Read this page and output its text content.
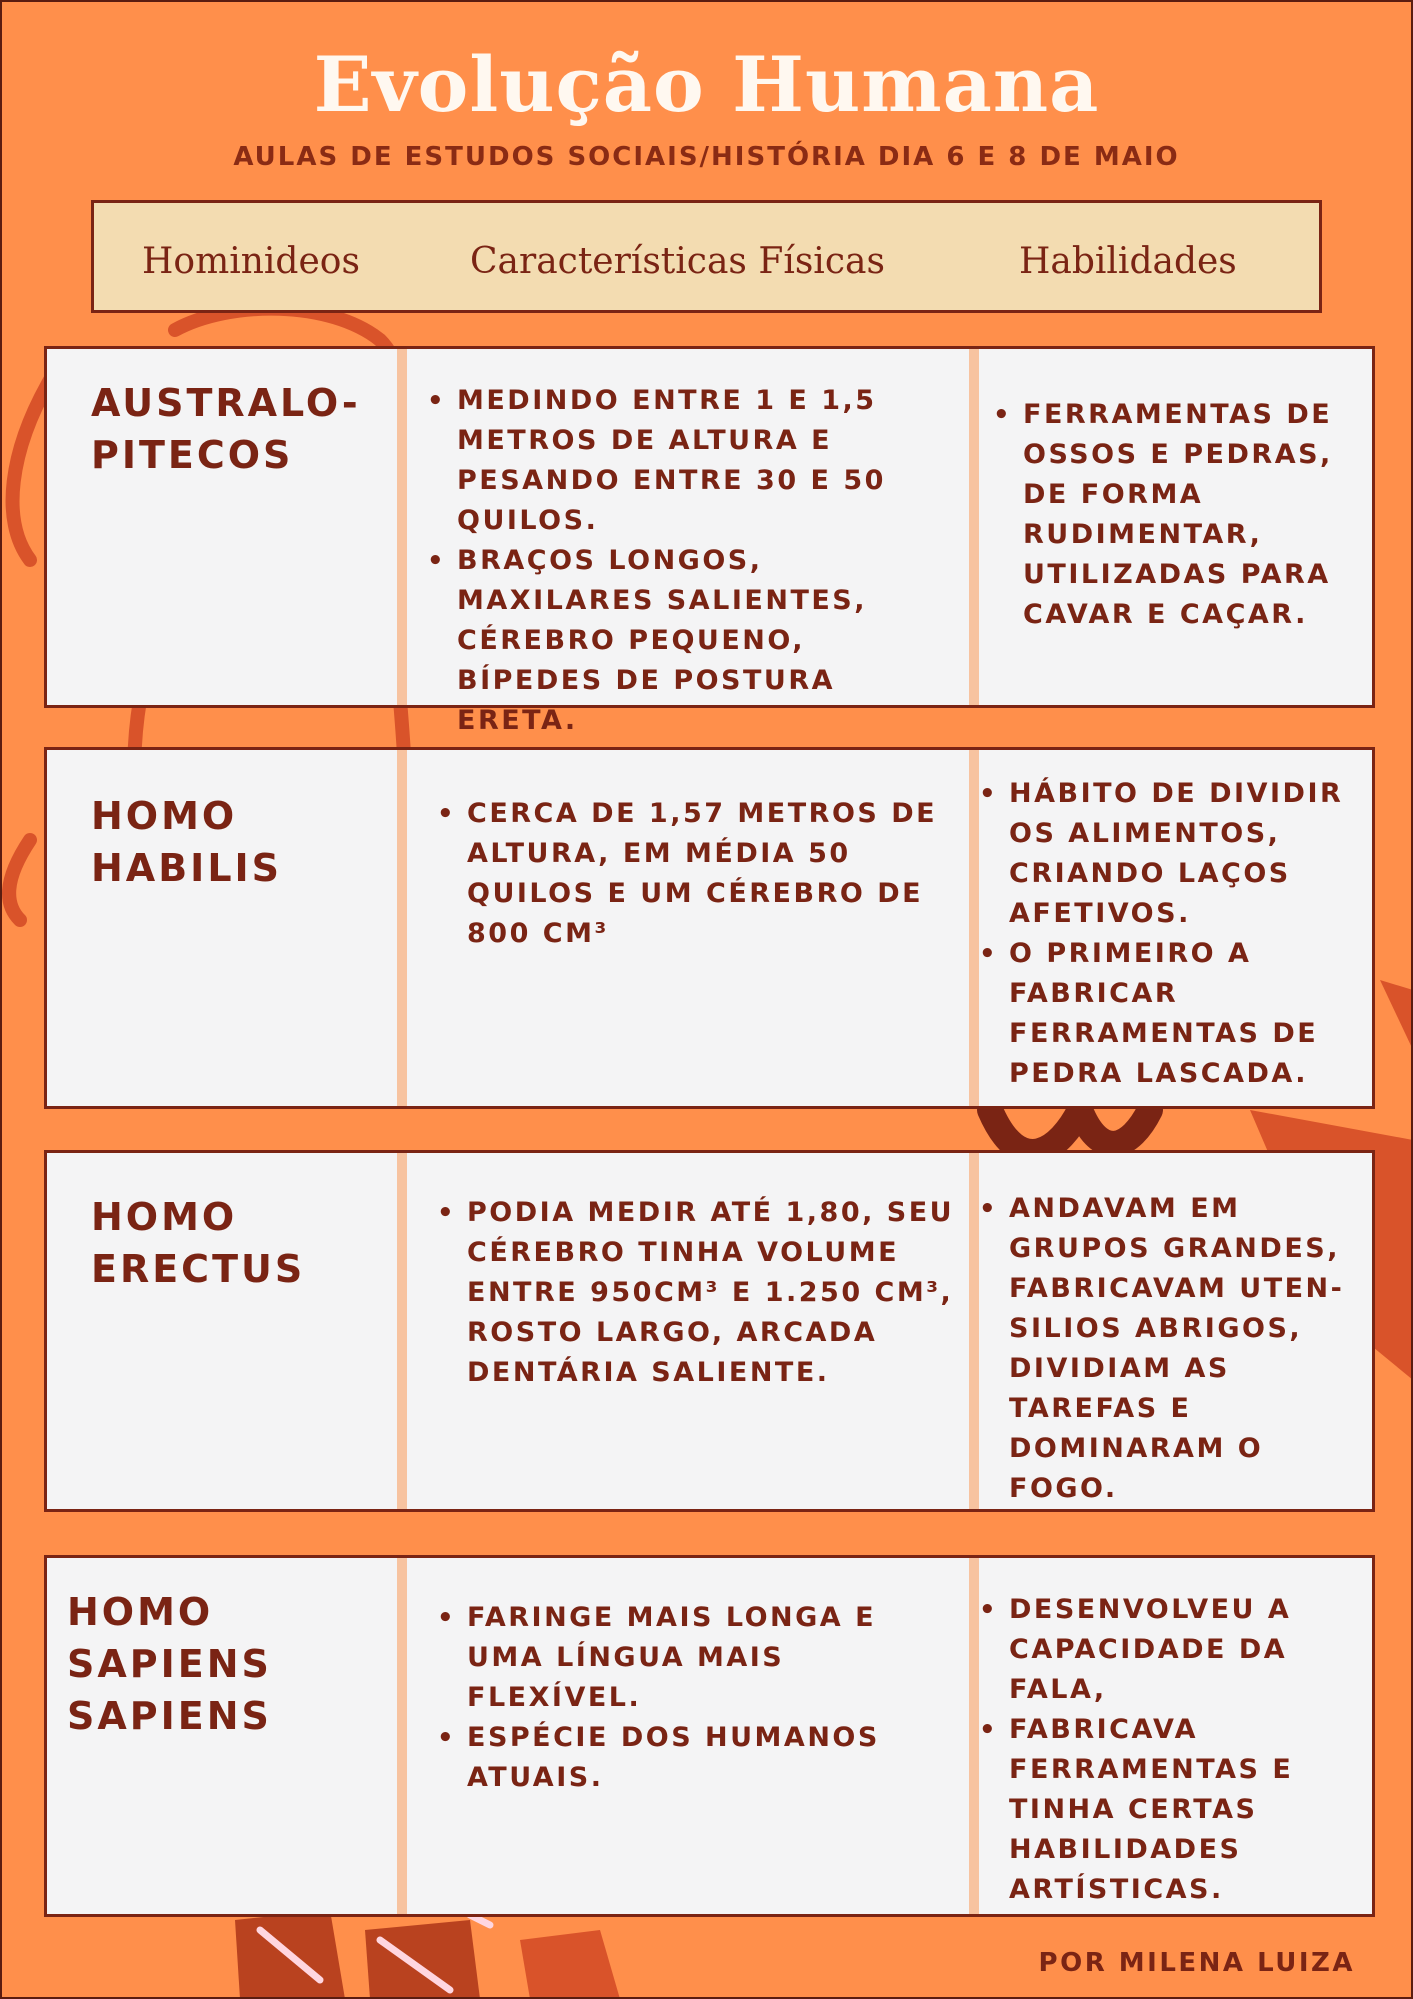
Evolução Humana
AULAS DE ESTUDOS SOCIAIS/HISTÓRIA DIA 6 E 8 DE MAIO
Hominideos	Características Físicas	Habilidades
AUSTRALO-
PITECOS
• MEDINDO ENTRE 1 E 1,5 METROS DE ALTURA E PESANDO ENTRE 30 E 50 QUILOS.
• BRAÇOS LONGOS, MAXILARES SALIENTES, CÉREBRO PEQUENO, BÍPEDES DE POSTURA ERETA.
• FERRAMENTAS DE OSSOS E PEDRAS, DE FORMA RUDIMENTAR, UTILIZADAS PARA CAVAR E CAÇAR.
HOMO
HABILIS
• CERCA DE 1,57 METROS DE ALTURA, EM MÉDIA 50 QUILOS E UM CÉREBRO DE 800 CM³
• HÁBITO DE DIVIDIR OS ALIMENTOS, CRIANDO LAÇOS AFETIVOS.
• O PRIMEIRO A FABRICAR FERRAMENTAS DE PEDRA LASCADA.
HOMO
ERECTUS
• PODIA MEDIR ATÉ 1,80, SEU CÉREBRO TINHA VOLUME ENTRE 950CM³ E 1.250 CM³, ROSTO LARGO, ARCADA DENTÁRIA SALIENTE.
• ANDAVAM EM GRUPOS GRANDES, FABRICAVAM UTEN-SILIOS ABRIGOS, DIVIDIAM AS TAREFAS E DOMINARAM O FOGO.
HOMO SAPIENS
SAPIENS
• FARINGE MAIS LONGA E UMA LÍNGUA MAIS FLEXÍVEL.
• ESPÉCIE DOS HUMANOS ATUAIS.
• DESENVOLVEU A CAPACIDADE DA FALA,
• FABRICAVA FERRAMENTAS E TINHA CERTAS HABILIDADES ARTÍSTICAS.
POR MILENA LUIZA
